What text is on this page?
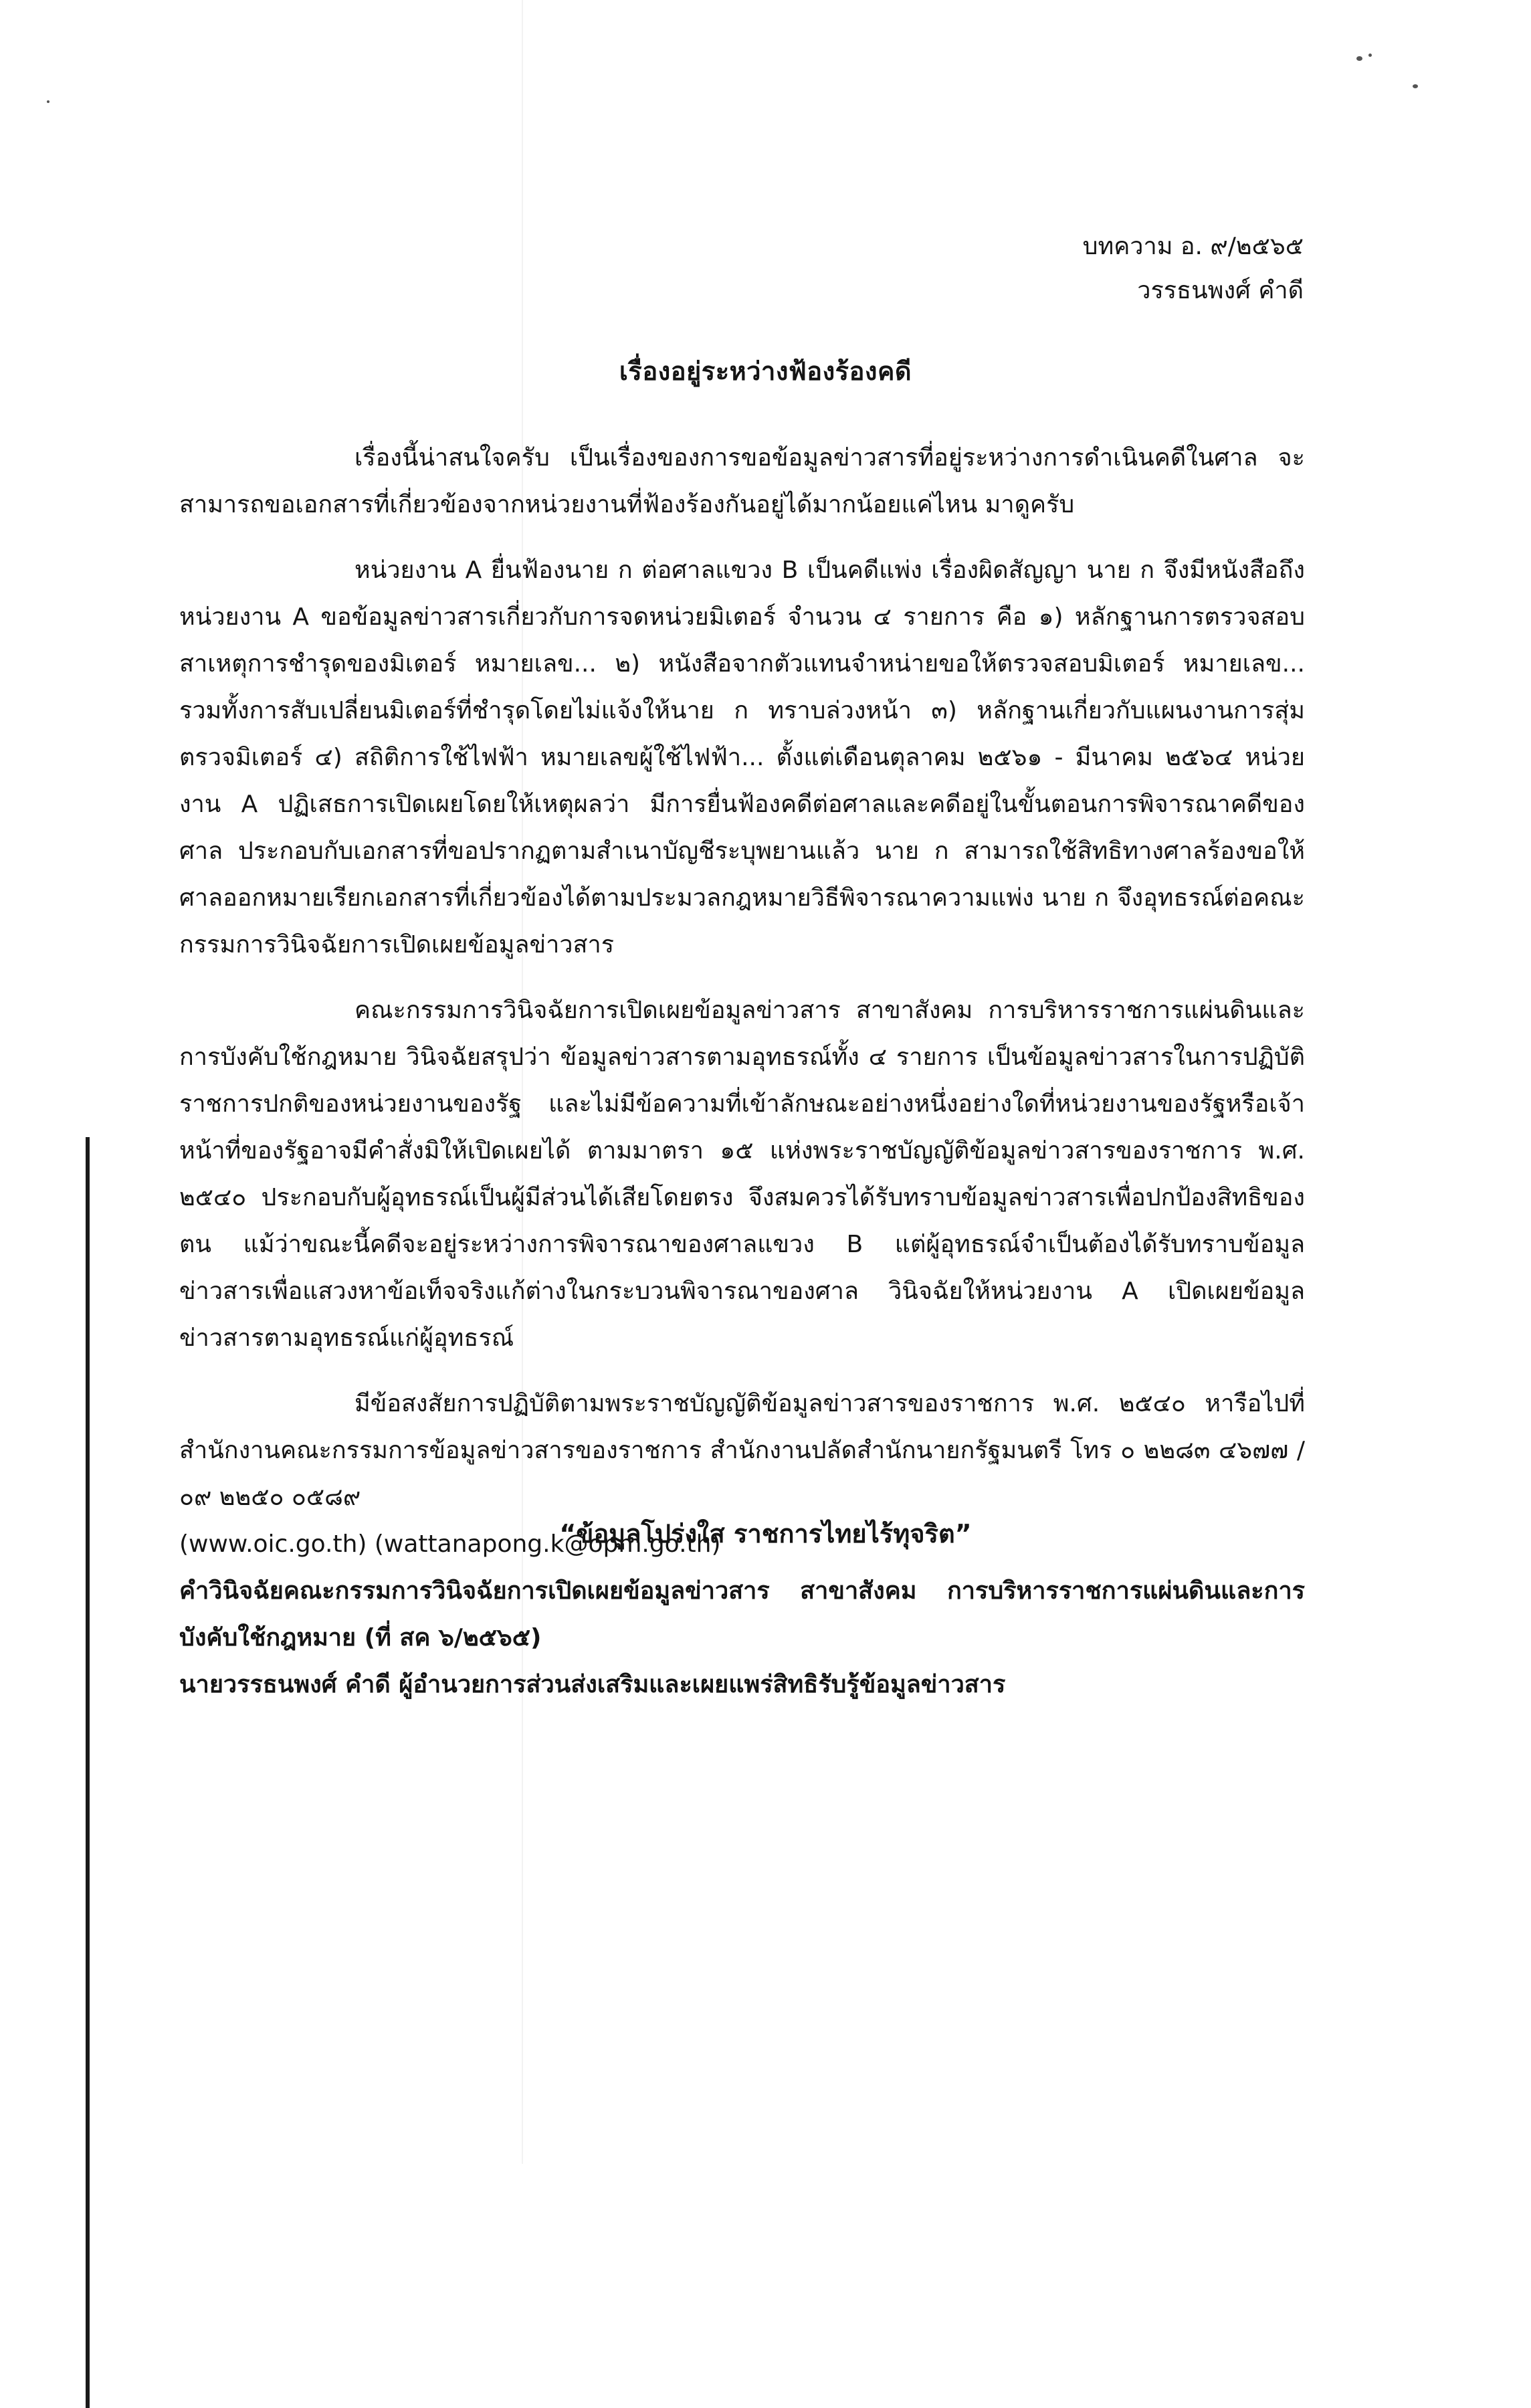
บทความ อ. ๙/๒๕๖๕
วรรธนพงศ์ คำดี
เรื่องอยู่ระหว่างฟ้องร้องคดี

เรื่องนี้น่าสนใจครับ เป็นเรื่องของการขอข้อมูลข่าวสารที่อยู่ระหว่างการดำเนินคดีในศาล จะสามารถขอเอกสารที่เกี่ยวข้องจากหน่วยงานที่ฟ้องร้องกันอยู่ได้มากน้อยแค่ไหน มาดูครับ

หน่วยงาน A ยื่นฟ้องนาย ก ต่อศาลแขวง B เป็นคดีแพ่ง เรื่องผิดสัญญา นาย ก จึงมีหนังสือถึงหน่วยงาน A ขอข้อมูลข่าวสารเกี่ยวกับการจดหน่วยมิเตอร์ จำนวน ๔ รายการ คือ ๑) หลักฐานการตรวจสอบสาเหตุการชำรุดของมิเตอร์ หมายเลข... ๒) หนังสือจากตัวแทนจำหน่ายขอให้ตรวจสอบมิเตอร์ หมายเลข... รวมทั้งการสับเปลี่ยนมิเตอร์ที่ชำรุดโดยไม่แจ้งให้นาย ก ทราบล่วงหน้า ๓) หลักฐานเกี่ยวกับแผนงานการสุ่มตรวจมิเตอร์ ๔) สถิติการใช้ไฟฟ้า หมายเลขผู้ใช้ไฟฟ้า... ตั้งแต่เดือนตุลาคม ๒๕๖๑ - มีนาคม ๒๕๖๔ หน่วยงาน A ปฏิเสธการเปิดเผยโดยให้เหตุผลว่า มีการยื่นฟ้องคดีต่อศาลและคดีอยู่ในขั้นตอนการพิจารณาคดีของศาล ประกอบกับเอกสารที่ขอปรากฏตามสำเนาบัญชีระบุพยานแล้ว นาย ก สามารถใช้สิทธิทางศาลร้องขอให้ศาลออกหมายเรียกเอกสารที่เกี่ยวข้องได้ตามประมวลกฎหมายวิธีพิจารณาความแพ่ง นาย ก จึงอุทธรณ์ต่อคณะกรรมการวินิจฉัยการเปิดเผยข้อมูลข่าวสาร

คณะกรรมการวินิจฉัยการเปิดเผยข้อมูลข่าวสาร สาขาสังคม การบริหารราชการแผ่นดินและการบังคับใช้กฎหมาย วินิจฉัยสรุปว่า ข้อมูลข่าวสารตามอุทธรณ์ทั้ง ๔ รายการ เป็นข้อมูลข่าวสารในการปฏิบัติราชการปกติของหน่วยงานของรัฐ และไม่มีข้อความที่เข้าลักษณะอย่างหนึ่งอย่างใดที่หน่วยงานของรัฐหรือเจ้าหน้าที่ของรัฐอาจมีคำสั่งมิให้เปิดเผยได้ ตามมาตรา ๑๕ แห่งพระราชบัญญัติข้อมูลข่าวสารของราชการ พ.ศ. ๒๕๔๐ ประกอบกับผู้อุทธรณ์เป็นผู้มีส่วนได้เสียโดยตรง จึงสมควรได้รับทราบข้อมูลข่าวสารเพื่อปกป้องสิทธิของตน แม้ว่าขณะนี้คดีจะอยู่ระหว่างการพิจารณาของศาลแขวง B แต่ผู้อุทธรณ์จำเป็นต้องได้รับทราบข้อมูลข่าวสารเพื่อแสวงหาข้อเท็จจริงแก้ต่างในกระบวนพิจารณาของศาล วินิจฉัยให้หน่วยงาน A เปิดเผยข้อมูลข่าวสารตามอุทธรณ์แก่ผู้อุทธรณ์

มีข้อสงสัยการปฏิบัติตามพระราชบัญญัติข้อมูลข่าวสารของราชการ พ.ศ. ๒๕๔๐ หารือไปที่สำนักงานคณะกรรมการข้อมูลข่าวสารของราชการ สำนักงานปลัดสำนักนายกรัฐมนตรี โทร ๐ ๒๒๘๓ ๔๖๗๗ / ๐๙ ๒๒๕๐ ๐๕๘๙

(www.oic.go.th) (wattanapong.k@opm.go.th)

คำวินิจฉัยคณะกรรมการวินิจฉัยการเปิดเผยข้อมูลข่าวสาร สาขาสังคม การบริหารราชการแผ่นดินและการบังคับใช้กฎหมาย (ที่ สค ๖/๒๕๖๕)

นายวรรธนพงศ์ คำดี ผู้อำนวยการส่วนส่งเสริมและเผยแพร่สิทธิรับรู้ข้อมูลข่าวสาร

“ข้อมูลโปร่งใส ราชการไทยไร้ทุจริต”
